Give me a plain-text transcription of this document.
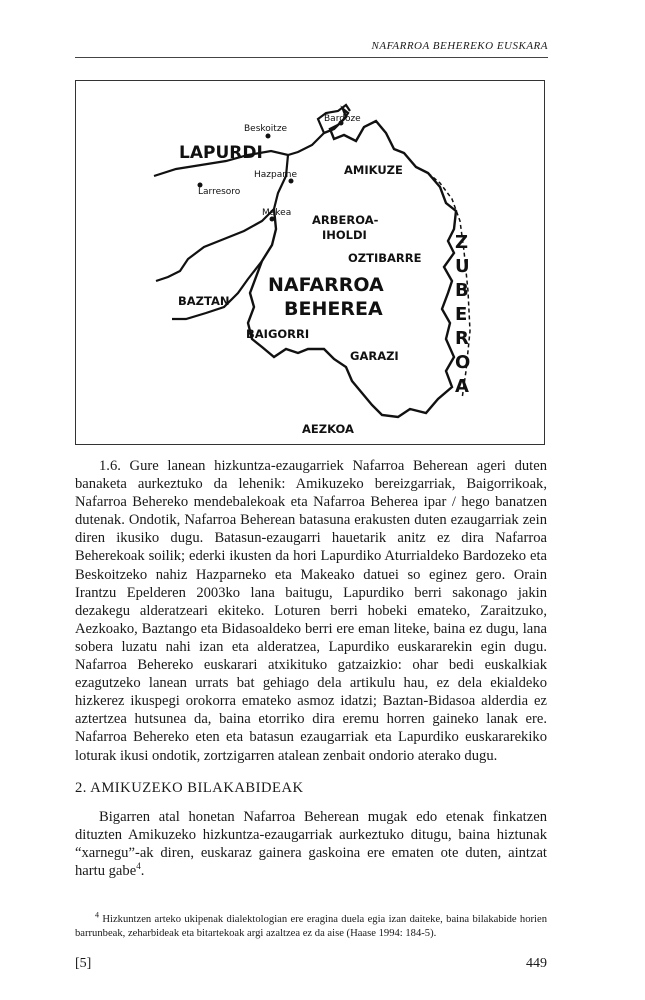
NAFARROA BEHEREKO EUSKARA
Bardoze
Beskoitze
Hazparne
Larresoro
Makea
LAPURDI
AMIKUZE
ARBEROA-
IHOLDI
OZTIBARRE
NAFARROA
BEHEREA
BAZTAN
BAIGORRI
GARAZI
AEZKOA
Z
U
B
E
R
O
A

1.6. Gure lanean hizkuntza-ezaugarriek Nafarroa Beherean ageri duten banaketa aurkeztuko da lehenik: Amikuzeko bereizgarriak, Baigorrikoak, Nafarroa Behereko mendebalekoak eta Nafarroa Beherea ipar / hego banatzen dutenak. Ondotik, Nafarroa Beherean batasuna erakusten duten ezaugarriak zein diren ikusiko dugu. Batasun-ezaugarri hauetarik anitz ez dira Nafarroa Beherekoak soilik; ederki ikusten da hori Lapurdiko Aturrialdeko Bardozeko eta Beskoitzeko nahiz Hazparneko eta Makeako datuei so eginez gero. Orain Irantzu Epelderen 2003ko lana baitugu, Lapurdiko berri sakonago jakin dezakegu alderatzeari ekiteko. Loturen berri hobeki emateko, Zaraitzuko, Aezkoako, Baztango eta Bidasoaldeko berri ere eman liteke, baina ez dugu, lana soberа luzatu nahi izan eta alderatzea, Lapurdiko euskararekin egin dugu. Nafarroa Behereko euskarari atxikituko gatzaizkio: ohar bedi euskalkiak ezagutzeko lanean urrats bat gehiago dela artikulu hau, ez dela ekialdeko hizkerez ikuspegi orokorra emateko asmoz idatzi; Baztan-Bidasoa alderdia ez aztertzea hutsunea da, baina etorriko dira eremu horren gaineko lanak ere. Nafarroa Behereko eten eta batasun ezaugarriak eta Lapurdiko euskararekiko loturak ikusi ondotik, zortzigarren atalean zenbait ondorio aterako dugu.

2. AMIKUZEKO BILAKABIDEAK

Bigarren atal honetan Nafarroa Beherean mugak edo etenak finkatzen dituzten Amikuzeko hizkuntza-ezaugarriak aurkeztuko ditugu, baina hiztunak “xarnegu”-ak diren, euskaraz gainera gaskoina ere ematen ote duten, aintzat hartu gabe$^4$.

$^4$ Hizkuntzen arteko ukipenak dialektologian ere eragina duela egia izan daiteke, baina bilakabide horien barrunbeak, zeharbideak eta bitartekoak argi azaltzea ez da aise (Haase 1994: 184-5).

[5]	449
